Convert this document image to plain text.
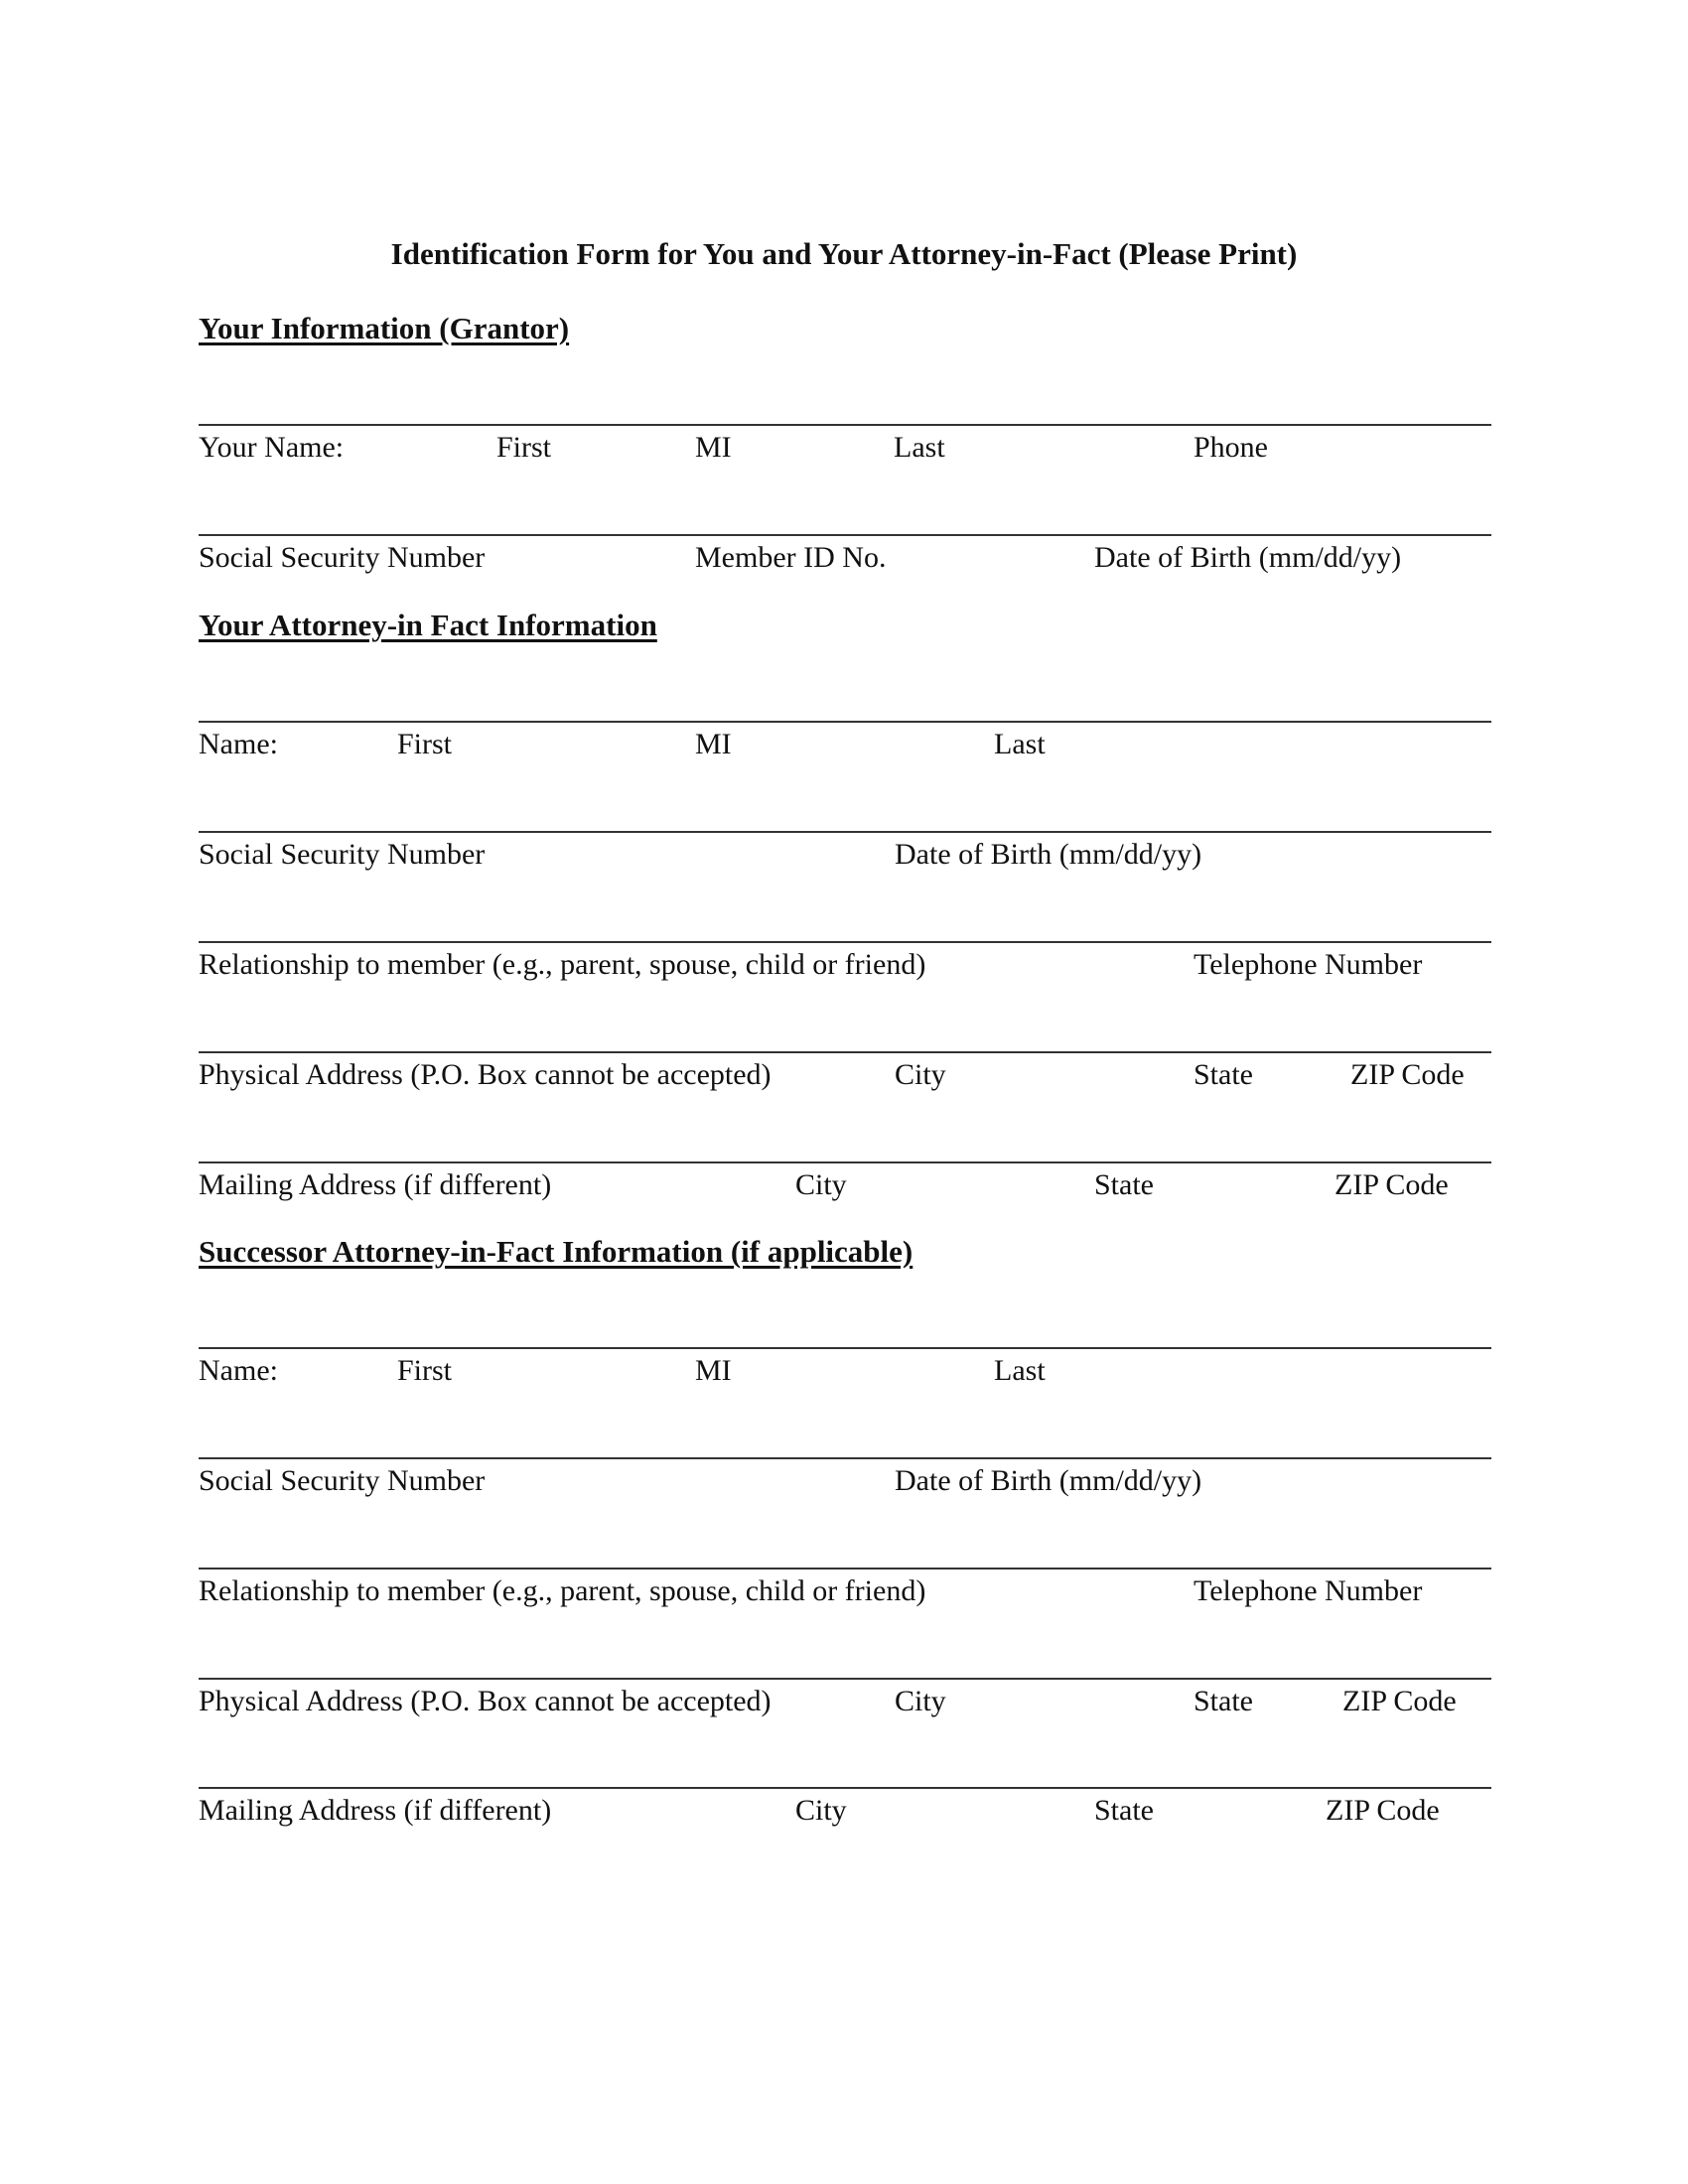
Identification Form for You and Your Attorney-in-Fact (Please Print)
Your Information (Grantor)
Your Name:	First	MI	Last	Phone
Social Security Number	Member ID No.	Date of Birth (mm/dd/yy)
Your Attorney-in Fact Information
Name:	First	MI	Last
Social Security Number	Date of Birth (mm/dd/yy)
Relationship to member (e.g., parent, spouse, child or friend)	Telephone Number
Physical Address (P.O. Box cannot be accepted)	City	State	ZIP Code
Mailing Address (if different)	City	State	ZIP Code
Successor Attorney-in-Fact Information (if applicable)
Name:	First	MI	Last
Social Security Number	Date of Birth (mm/dd/yy)
Relationship to member (e.g., parent, spouse, child or friend)	Telephone Number
Physical Address (P.O. Box cannot be accepted)	City	State	ZIP Code
Mailing Address (if different)	City	State	ZIP Code
